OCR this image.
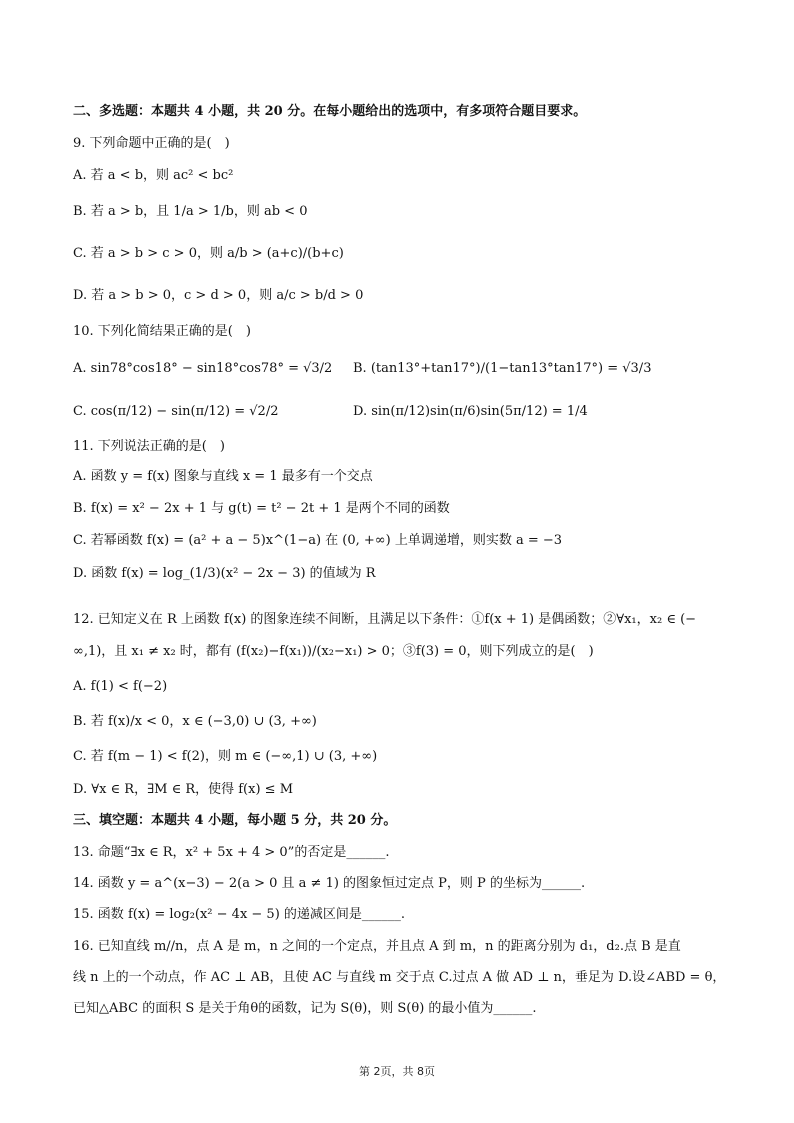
二、多选题：本题共 4 小题，共 20 分。在每小题给出的选项中，有多项符合题目要求。
9. 下列命题中正确的是(　)
A. 若 a < b，则 ac² < bc²
B. 若 a > b，且 1/a > 1/b，则 ab < 0
C. 若 a > b > c > 0，则 a/b > (a+c)/(b+c)
D. 若 a > b > 0，c > d > 0，则 a/c > b/d > 0
10. 下列化简结果正确的是(　)
A. sin78°cos18° − sin18°cos78° = √3/2 B. (tan13°+tan17°)/(1−tan13°tan17°) = √3/3
C. cos(π/12) − sin(π/12) = √2/2	D. sin(π/12)sin(π/6)sin(5π/12) = 1/4
11. 下列说法正确的是(　)
A. 函数 y = f(x) 图象与直线 x = 1 最多有一个交点
B. f(x) = x² − 2x + 1 与 g(t) = t² − 2t + 1 是两个不同的函数
C. 若幂函数 f(x) = (a² + a − 5)x^(1−a) 在 (0, +∞) 上单调递增，则实数 a = −3
D. 函数 f(x) = log_(1/3)(x² − 2x − 3) 的值域为 R
12. 已知定义在 R 上函数 f(x) 的图象连续不间断，且满足以下条件：①f(x + 1) 是偶函数；②∀x₁，x₂ ∈ (−
∞,1)，且 x₁ ≠ x₂ 时，都有 (f(x₂)−f(x₁))/(x₂−x₁) > 0；③f(3) = 0，则下列成立的是(　)
A. f(1) < f(−2)
B. 若 f(x)/x < 0，x ∈ (−3,0) ∪ (3, +∞)
C. 若 f(m − 1) < f(2)，则 m ∈ (−∞,1) ∪ (3, +∞)
D. ∀x ∈ R，∃M ∈ R，使得 f(x) ≤ M
三、填空题：本题共 4 小题，每小题 5 分，共 20 分。
13. 命题“∃x ∈ R，x² + 5x + 4 > 0”的否定是______.
14. 函数 y = a^(x−3) − 2(a > 0 且 a ≠ 1) 的图象恒过定点 P，则 P 的坐标为______.
15. 函数 f(x) = log₂(x² − 4x − 5) 的递减区间是______.
16. 已知直线 m//n，点 A 是 m，n 之间的一个定点，并且点 A 到 m，n 的距离分别为 d₁，d₂.点 B 是直
线 n 上的一个动点，作 AC ⊥ AB，且使 AC 与直线 m 交于点 C.过点 A 做 AD ⊥ n，垂足为 D.设∠ABD = θ，
已知△ABC 的面积 S 是关于角θ的函数，记为 S(θ)，则 S(θ) 的最小值为______.
第 2页，共 8页
